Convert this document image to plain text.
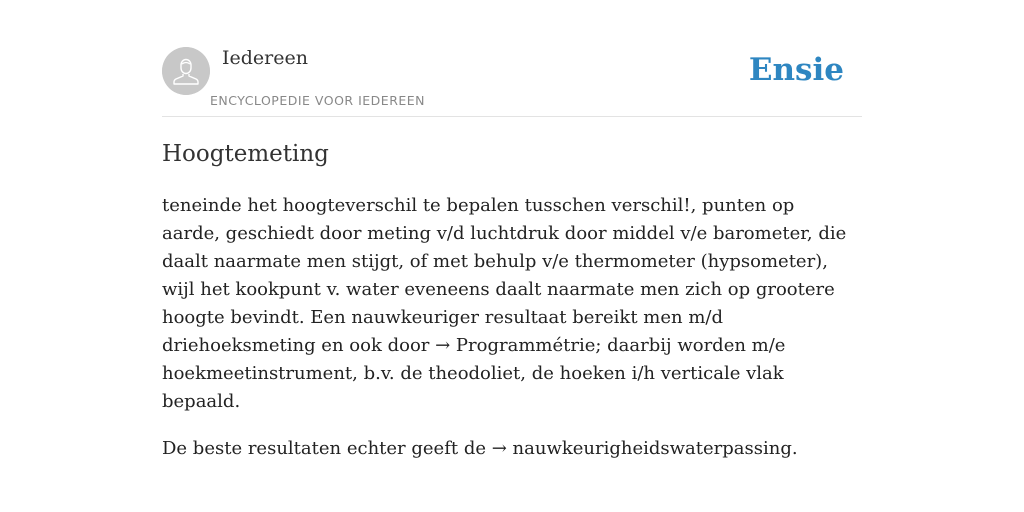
Iedereen
ENCYCLOPEDIE VOOR IEDEREEN
Ensie
Hoogtemeting

teneinde het hoogteverschil te bepalen tusschen verschil!, punten op aarde, geschiedt door meting v/d luchtdruk door middel v/e barometer, die daalt naarmate men stijgt, of met behulp v/e thermometer (hypsometer), wijl het kookpunt v. water eveneens daalt naarmate men zich op grootere hoogte bevindt. Een nauwkeuriger resultaat bereikt men m/d driehoeksmeting en ook door → Programmétrie; daarbij worden m/e hoekmeetinstrument, b.v. de theodoliet, de hoeken i/h verticale vlak bepaald.

De beste resultaten echter geeft de → nauwkeurigheidswaterpassing.
